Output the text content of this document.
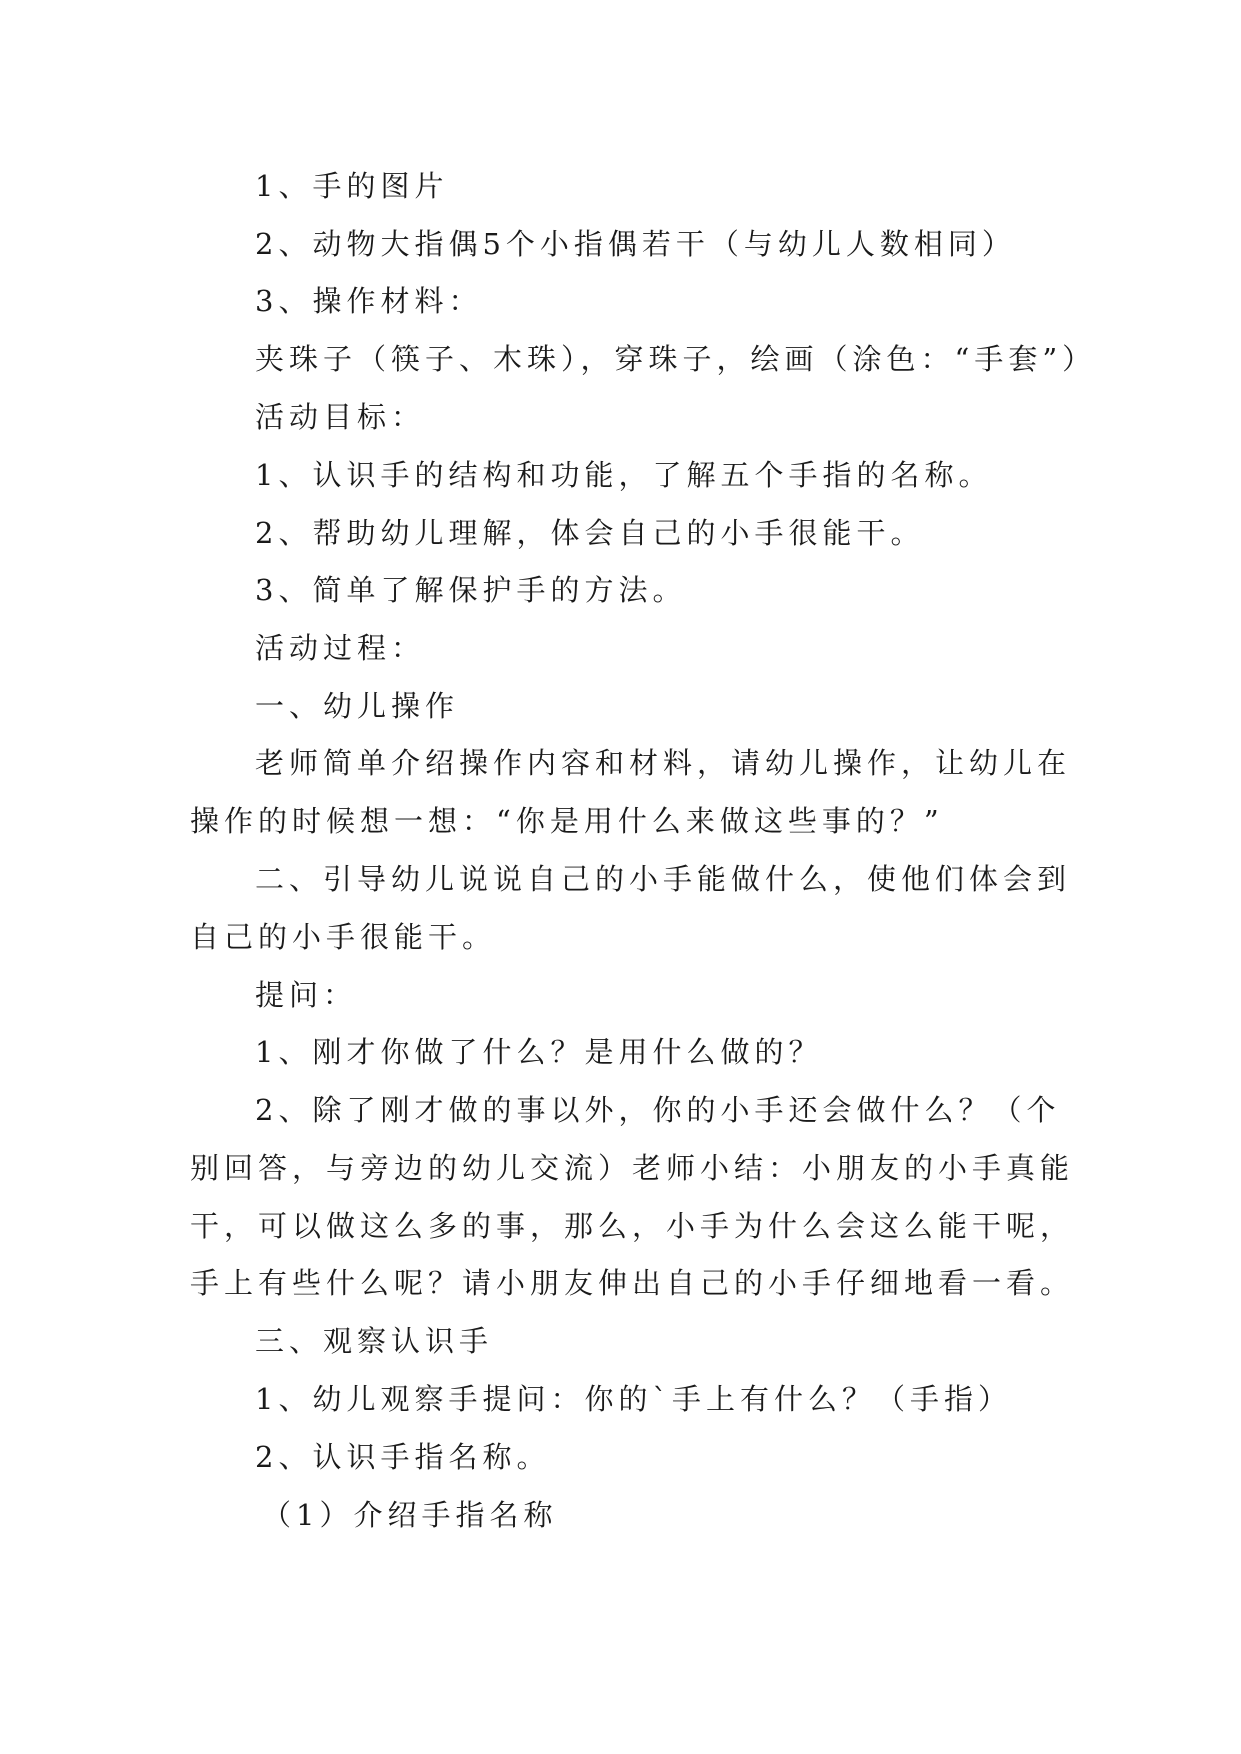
1、手的图片
2、动物大指偶5个小指偶若干（与幼儿人数相同）
3、操作材料：
夹珠子（筷子、木珠），穿珠子，绘画（涂色：“手套”）
活动目标：
1、认识手的结构和功能，了解五个手指的名称。
2、帮助幼儿理解，体会自己的小手很能干。
3、简单了解保护手的方法。
活动过程：
一、幼儿操作
老师简单介绍操作内容和材料，请幼儿操作，让幼儿在
操作的时候想一想：“你是用什么来做这些事的？”
二、引导幼儿说说自己的小手能做什么，使他们体会到
自己的小手很能干。
提问：
1、刚才你做了什么？是用什么做的？
2、除了刚才做的事以外，你的小手还会做什么？（个
别回答，与旁边的幼儿交流）老师小结：小朋友的小手真能
干，可以做这么多的事，那么，小手为什么会这么能干呢，
手上有些什么呢？请小朋友伸出自己的小手仔细地看一看。
三、观察认识手
1、幼儿观察手提问：你的`手上有什么？（手指）
2、认识手指名称。
（1）介绍手指名称
